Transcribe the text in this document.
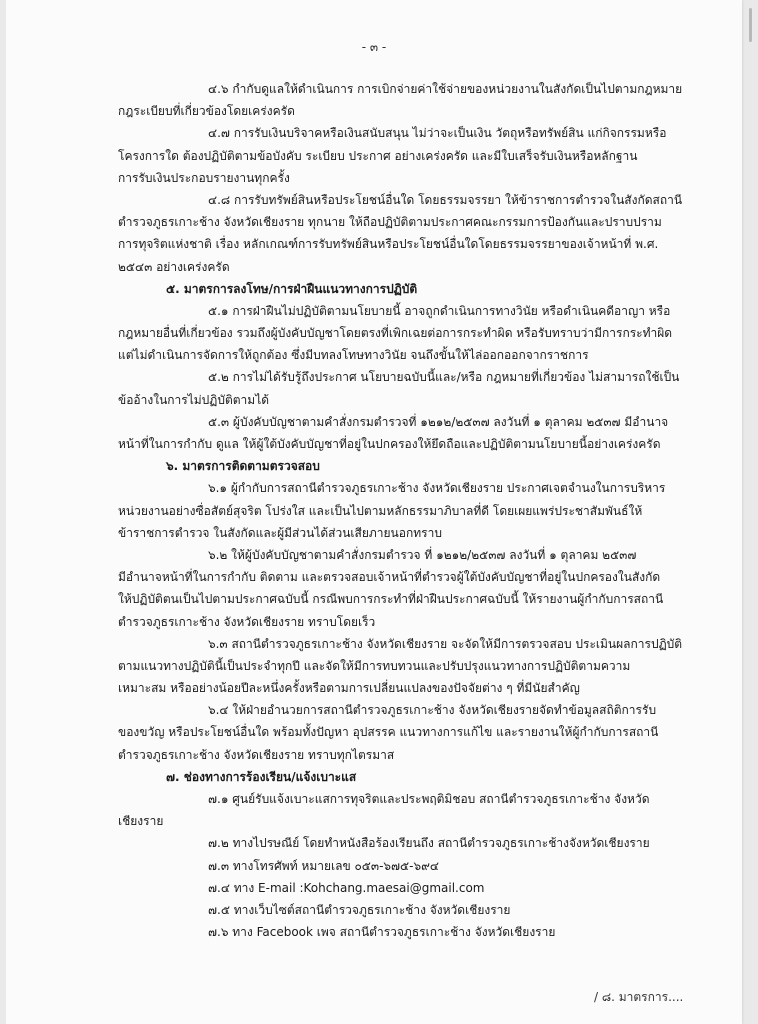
- ๓ -
๔.๖ กำกับดูแลให้ดำเนินการ การเบิกจ่ายค่าใช้จ่ายของหน่วยงานในสังกัดเป็นไปตามกฎหมาย
กฎระเบียบที่เกี่ยวข้องโดยเคร่งครัด
๔.๗ การรับเงินบริจาคหรือเงินสนับสนุน ไม่ว่าจะเป็นเงิน วัตถุหรือทรัพย์สิน แก่กิจกรรมหรือ
โครงการใด ต้องปฏิบัติตามข้อบังคับ ระเบียบ ประกาศ อย่างเคร่งครัด และมีใบเสร็จรับเงินหรือหลักฐาน
การรับเงินประกอบรายงานทุกครั้ง
๔.๘ การรับทรัพย์สินหรือประโยชน์อื่นใด โดยธรรมจรรยา ให้ข้าราชการตำรวจในสังกัดสถานี
ตำรวจภูธรเกาะช้าง จังหวัดเชียงราย ทุกนาย ให้ถือปฏิบัติตามประกาศคณะกรรมการป้องกันและปราบปราม
การทุจริตแห่งชาติ เรื่อง หลักเกณฑ์การรับทรัพย์สินหรือประโยชน์อื่นใดโดยธรรมจรรยาของเจ้าหน้าที่ พ.ศ.
๒๕๔๓ อย่างเคร่งครัด
๕. มาตรการลงโทษ/การฝ่าฝืนแนวทางการปฏิบัติ
๕.๑ การฝ่าฝืนไม่ปฏิบัติตามนโยบายนี้ อาจถูกดำเนินการทางวินัย หรือดำเนินคดีอาญา หรือ
กฎหมายอื่นที่เกี่ยวข้อง รวมถึงผู้บังคับบัญชาโดยตรงที่เพิกเฉยต่อการกระทำผิด หรือรับทราบว่ามีการกระทำผิด
แต่ไม่ดำเนินการจัดการให้ถูกต้อง ซึ่งมีบทลงโทษทางวินัย จนถึงขั้นให้ไล่ออกออกจากราชการ
๕.๒ การไม่ได้รับรู้ถึงประกาศ นโยบายฉบับนี้และ/หรือ กฎหมายที่เกี่ยวข้อง ไม่สามารถใช้เป็น
ข้ออ้างในการไม่ปฏิบัติตามได้
๕.๓ ผู้บังคับบัญชาตามคำสั่งกรมตำรวจที่ ๑๒๑๒/๒๕๓๗ ลงวันที่ ๑ ตุลาคม ๒๕๓๗ มีอำนาจ
หน้าที่ในการกำกับ ดูแล ให้ผู้ใต้บังคับบัญชาที่อยู่ในปกครองให้ยึดถือและปฏิบัติตามนโยบายนี้อย่างเคร่งครัด
๖. มาตรการติดตามตรวจสอบ
๖.๑ ผู้กำกับการสถานีตำรวจภูธรเกาะช้าง จังหวัดเชียงราย ประกาศเจตจำนงในการบริหาร
หน่วยงานอย่างซื่อสัตย์สุจริต โปร่งใส และเป็นไปตามหลักธรรมาภิบาลที่ดี โดยเผยแพร่ประชาสัมพันธ์ให้
ข้าราชการตำรวจ ในสังกัดและผู้มีส่วนได้ส่วนเสียภายนอกทราบ
๖.๒ ให้ผู้บังคับบัญชาตามคำสั่งกรมตำรวจ ที่ ๑๒๑๒/๒๕๓๗ ลงวันที่ ๑ ตุลาคม ๒๕๓๗
มีอำนาจหน้าที่ในการกำกับ ติดตาม และตรวจสอบเจ้าหน้าที่ตำรวจผู้ใต้บังคับบัญชาที่อยู่ในปกครองในสังกัด
ให้ปฏิบัติตนเป็นไปตามประกาศฉบับนี้ กรณีพบการกระทำที่ฝ่าฝืนประกาศฉบับนี้ ให้รายงานผู้กำกับการสถานี
ตำรวจภูธรเกาะช้าง จังหวัดเชียงราย ทราบโดยเร็ว
๖.๓ สถานีตำรวจภูธรเกาะช้าง จังหวัดเชียงราย จะจัดให้มีการตรวจสอบ ประเมินผลการปฏิบัติ
ตามแนวทางปฏิบัตินี้เป็นประจำทุกปี และจัดให้มีการทบทวนและปรับปรุงแนวทางการปฏิบัติตามความ
เหมาะสม หรืออย่างน้อยปีละหนึ่งครั้งหรือตามการเปลี่ยนแปลงของปัจจัยต่าง ๆ ที่มีนัยสำคัญ
๖.๔ ให้ฝ่ายอำนวยการสถานีตำรวจภูธรเกาะช้าง จังหวัดเชียงรายจัดทำข้อมูลสถิติการรับ
ของขวัญ หรือประโยชน์อื่นใด พร้อมทั้งปัญหา อุปสรรค แนวทางการแก้ไข และรายงานให้ผู้กำกับการสถานี
ตำรวจภูธรเกาะช้าง จังหวัดเชียงราย ทราบทุกไตรมาส
๗. ช่องทางการร้องเรียน/แจ้งเบาะแส
๗.๑ ศูนย์รับแจ้งเบาะแสการทุจริตและประพฤติมิชอบ สถานีตำรวจภูธรเกาะช้าง จังหวัด
เชียงราย
๗.๒ ทางไปรษณีย์ โดยทำหนังสือร้องเรียนถึง สถานีตำรวจภูธรเกาะช้างจังหวัดเชียงราย
๗.๓ ทางโทรศัพท์ หมายเลข ๐๕๓-๖๗๕-๖๙๔
๗.๔ ทาง E-mail :Kohchang.maesai@gmail.com
๗.๕ ทางเว็บไซต์สถานีตำรวจภูธรเกาะช้าง จังหวัดเชียงราย
๗.๖ ทาง Facebook เพจ สถานีตำรวจภูธรเกาะช้าง จังหวัดเชียงราย
/ ๘. มาตรการ....
